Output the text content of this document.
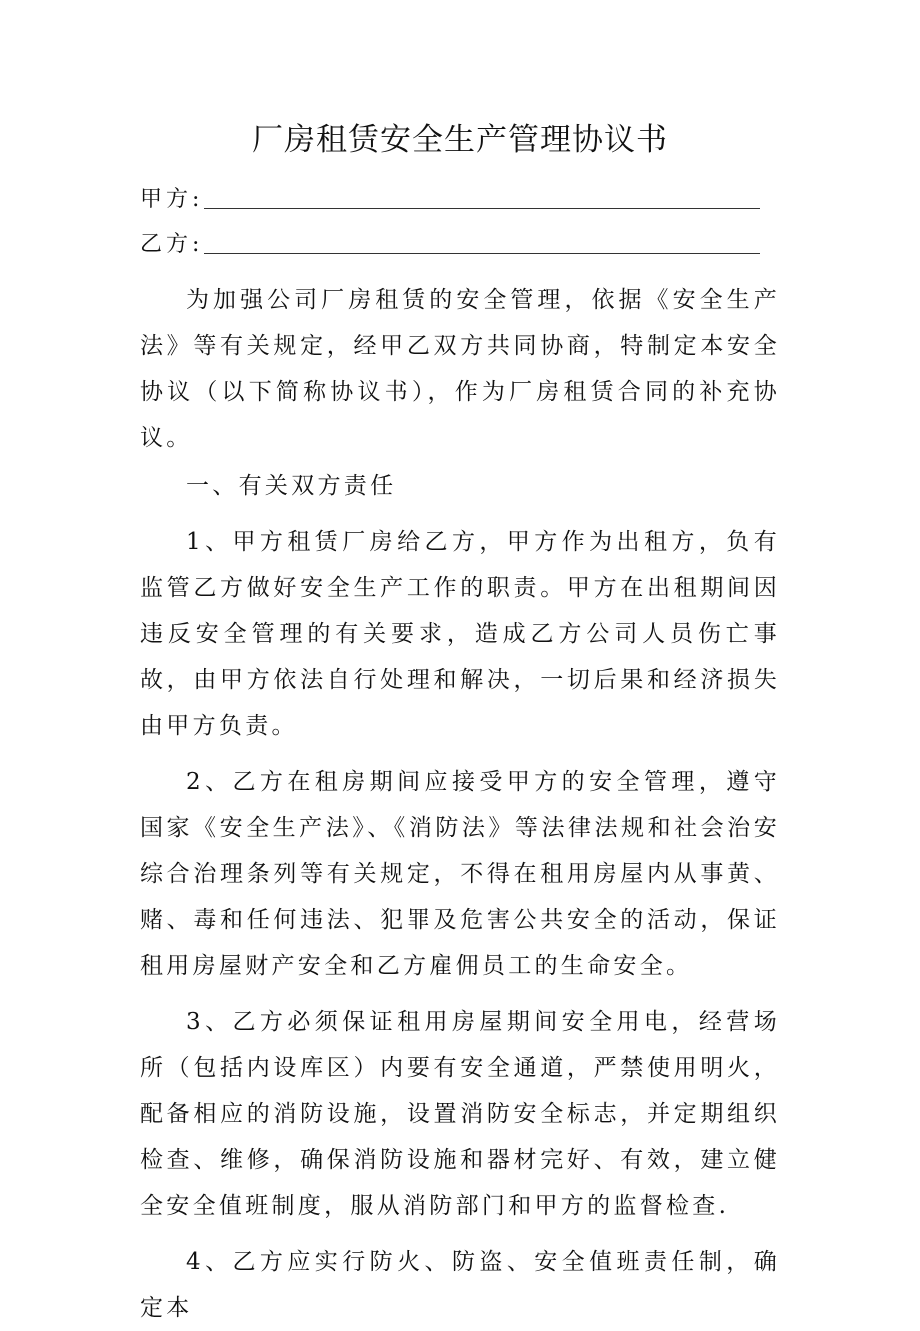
厂房租赁安全生产管理协议书
甲方:
乙方:

为加强公司厂房租赁的安全管理，依据《安全生产法》等有关规定，经甲乙双方共同协商，特制定本安全协议（以下简称协议书），作为厂房租赁合同的补充协议。

一、有关双方责任

1、甲方租赁厂房给乙方，甲方作为出租方，负有监管乙方做好安全生产工作的职责。甲方在出租期间因违反安全管理的有关要求，造成乙方公司人员伤亡事故，由甲方依法自行处理和解决，一切后果和经济损失由甲方负责。

2、乙方在租房期间应接受甲方的安全管理，遵守国家《安全生产法》、《消防法》等法律法规和社会治安综合治理条列等有关规定，不得在租用房屋内从事黄、赌、毒和任何违法、犯罪及危害公共安全的活动，保证租用房屋财产安全和乙方雇佣员工的生命安全。

3、乙方必须保证租用房屋期间安全用电，经营场所（包括内设库区）内要有安全通道，严禁使用明火，配备相应的消防设施，设置消防安全标志，并定期组织检查、维修，确保消防设施和器材完好、有效，建立健全安全值班制度，服从消防部门和甲方的监督检查.

4、乙方应实行防火、防盗、安全值班责任制，确定本
